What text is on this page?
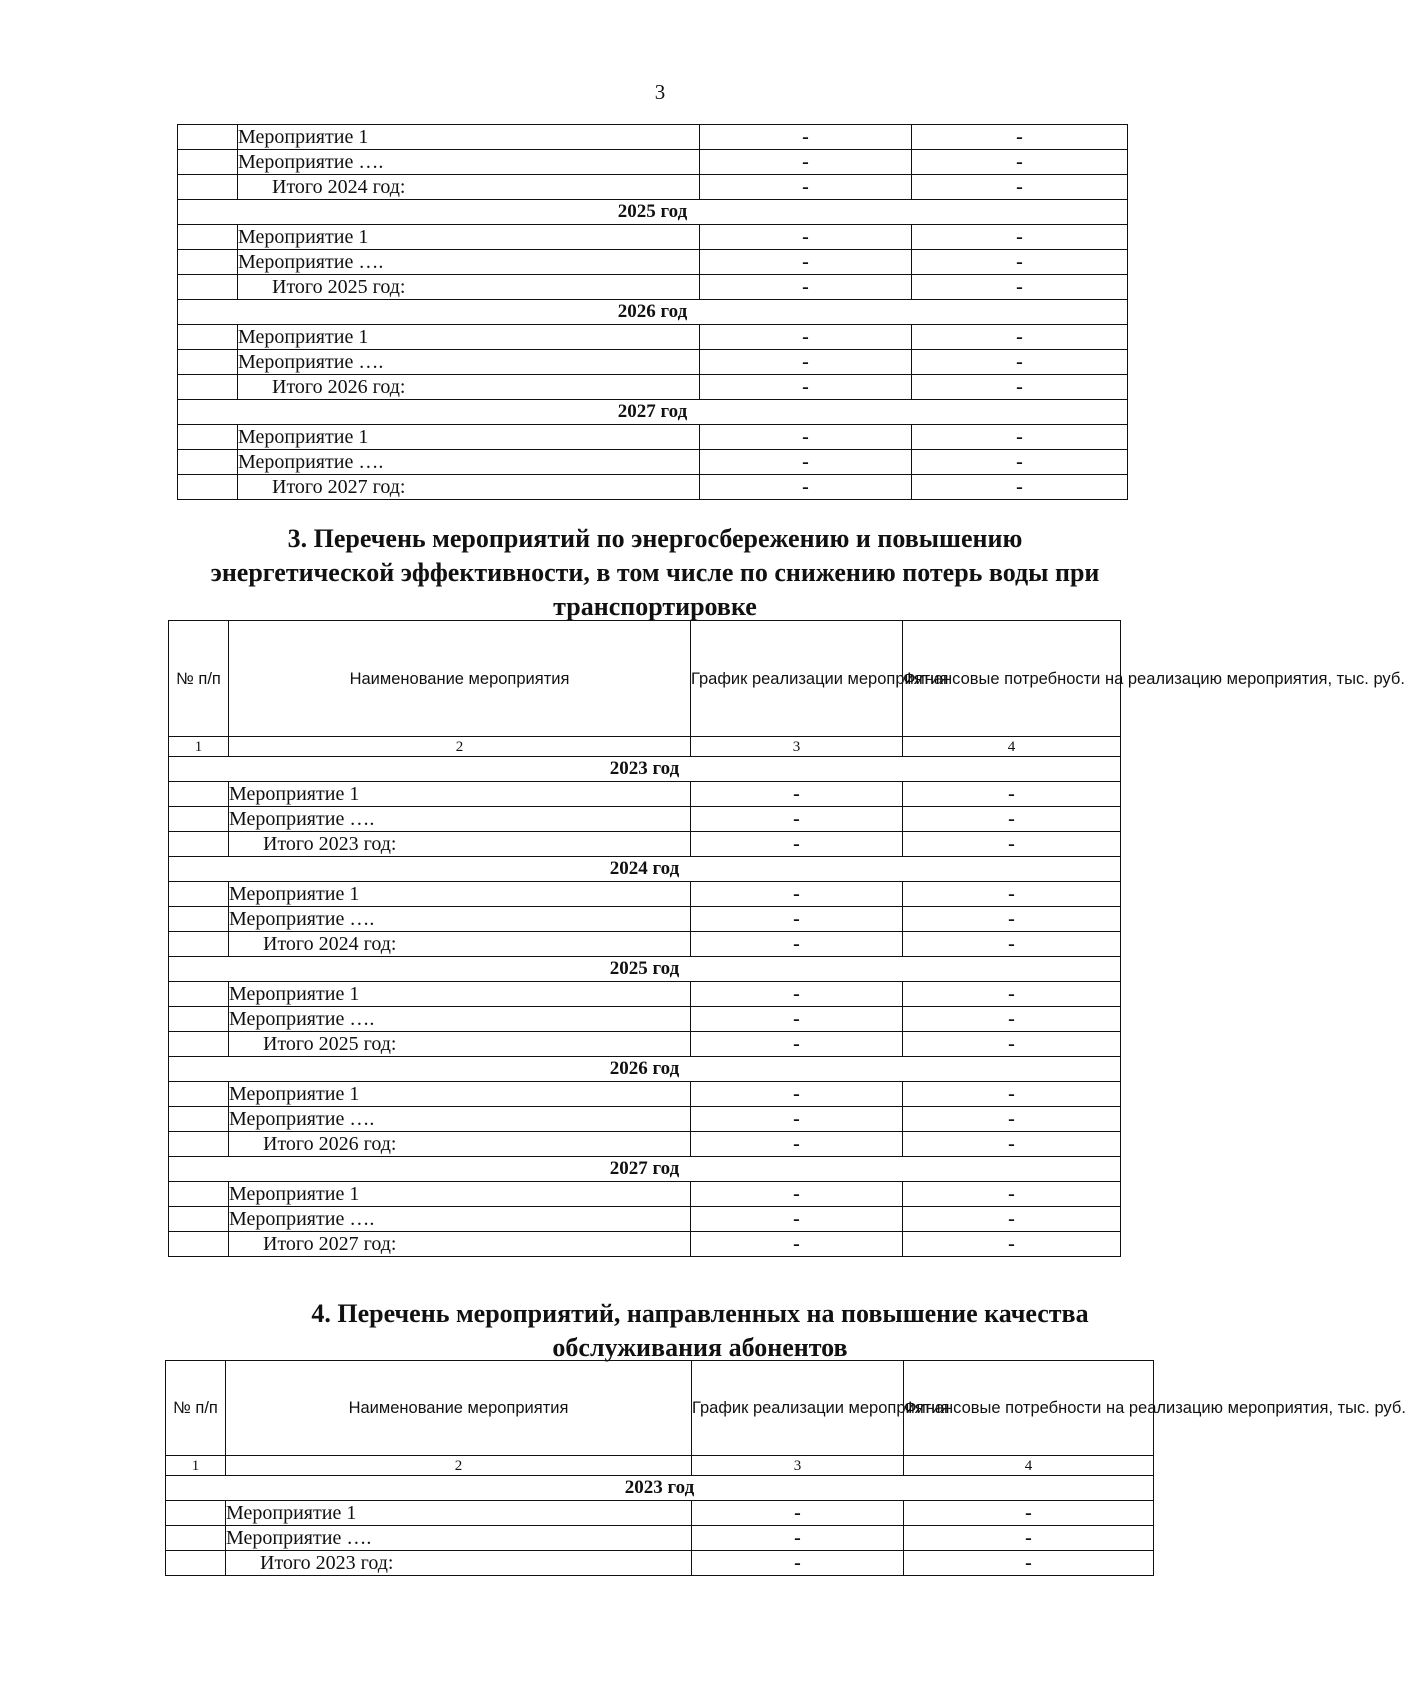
3
	Мероприятие 1	-	-
	Мероприятие ….	-	-
	Итого 2024 год:	-	-
2025 год			
	Мероприятие 1	-	-
	Мероприятие ….	-	-
	Итого 2025 год:	-	-
2026 год			
	Мероприятие 1	-	-
	Мероприятие ….	-	-
	Итого 2026 год:	-	-
2027 год			
	Мероприятие 1	-	-
	Мероприятие ….	-	-
	Итого 2027 год:	-	-
3. Перечень мероприятий по энергосбережению и повышению
энергетической эффективности, в том числе по снижению потерь воды при
транспортировке
№ п/п	Наименование мероприятия	График реализации мероприятия	Финансовые потребности на реализацию мероприятия, тыс. руб.
1	2	3	4
2023 год			
	Мероприятие 1	-	-
	Мероприятие ….	-	-
	Итого 2023 год:	-	-
2024 год			
	Мероприятие 1	-	-
	Мероприятие ….	-	-
	Итого 2024 год:	-	-
2025 год			
	Мероприятие 1	-	-
	Мероприятие ….	-	-
	Итого 2025 год:	-	-
2026 год			
	Мероприятие 1	-	-
	Мероприятие ….	-	-
	Итого 2026 год:	-	-
2027 год			
	Мероприятие 1	-	-
	Мероприятие ….	-	-
	Итого 2027 год:	-	-
4. Перечень мероприятий, направленных на повышение качества
обслуживания абонентов
№ п/п	Наименование мероприятия	График реализации мероприятия	Финансовые потребности на реализацию мероприятия, тыс. руб.
1	2	3	4
2023 год			
	Мероприятие 1	-	-
	Мероприятие ….	-	-
	Итого 2023 год:	-	-
